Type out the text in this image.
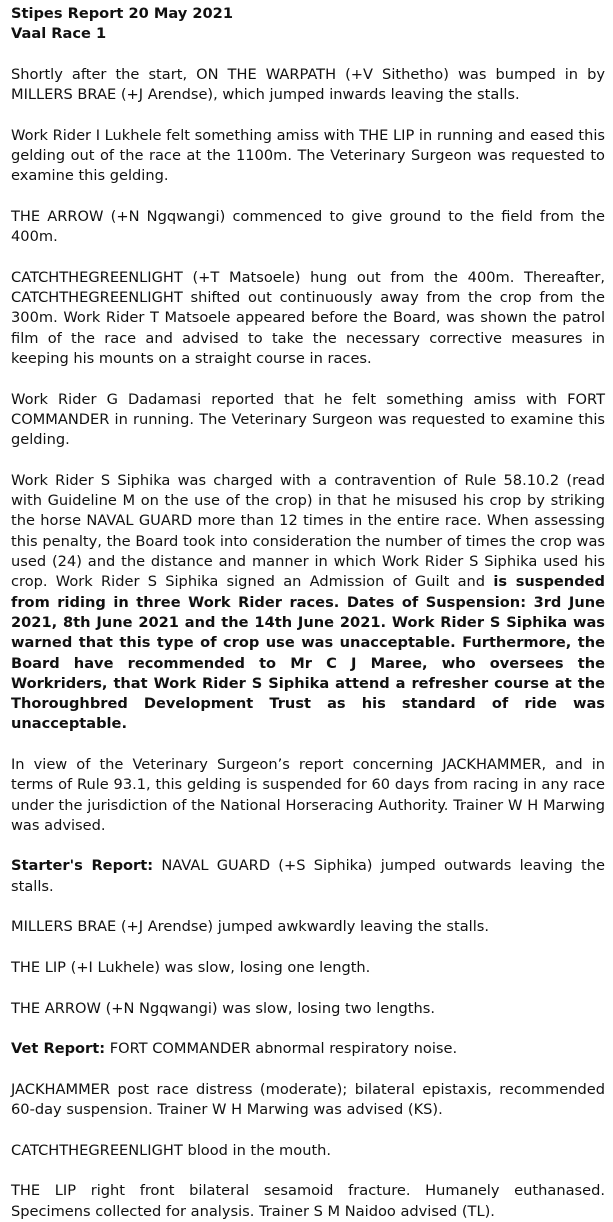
Stipes Report 20 May 2021
Vaal Race 1

Shortly after the start, ON THE WARPATH (+V Sithetho) was bumped in by MILLERS BRAE (+J Arendse), which jumped inwards leaving the stalls.

Work Rider I Lukhele felt something amiss with THE LIP in running and eased this gelding out of the race at the 1100m. The Veterinary Surgeon was requested to examine this gelding.

THE ARROW (+N Ngqwangi) commenced to give ground to the field from the 400m.

CATCHTHEGREENLIGHT (+T Matsoele) hung out from the 400m. Thereafter, CATCHTHEGREENLIGHT shifted out continuously away from the crop from the 300m. Work Rider T Matsoele appeared before the Board, was shown the patrol film of the race and advised to take the necessary corrective measures in keeping his mounts on a straight course in races.

Work Rider G Dadamasi reported that he felt something amiss with FORT COMMANDER in running. The Veterinary Surgeon was requested to examine this gelding.

Work Rider S Siphika was charged with a contravention of Rule 58.10.2 (read with Guideline M on the use of the crop) in that he misused his crop by striking the horse NAVAL GUARD more than 12 times in the entire race. When assessing this penalty, the Board took into consideration the number of times the crop was used (24) and the distance and manner in which Work Rider S Siphika used his crop. Work Rider S Siphika signed an Admission of Guilt and is suspended from riding in three Work Rider races. Dates of Suspension: 3rd June 2021, 8th June 2021 and the 14th June 2021. Work Rider S Siphika was warned that this type of crop use was unacceptable. Furthermore, the Board have recommended to Mr C J Maree, who oversees the Workriders, that Work Rider S Siphika attend a refresher course at the Thoroughbred Development Trust as his standard of ride was unacceptable.

In view of the Veterinary Surgeon’s report concerning JACKHAMMER, and in terms of Rule 93.1, this gelding is suspended for 60 days from racing in any race under the jurisdiction of the National Horseracing Authority. Trainer W H Marwing was advised.

Starter's Report: NAVAL GUARD (+S Siphika) jumped outwards leaving the stalls.

MILLERS BRAE (+J Arendse) jumped awkwardly leaving the stalls.

THE LIP (+I Lukhele) was slow, losing one length.

THE ARROW (+N Ngqwangi) was slow, losing two lengths.

Vet Report: FORT COMMANDER abnormal respiratory noise.

JACKHAMMER post race distress (moderate); bilateral epistaxis, recommended 60-day suspension. Trainer W H Marwing was advised (KS).

CATCHTHEGREENLIGHT blood in the mouth.

THE LIP right front bilateral sesamoid fracture. Humanely euthanased. Specimens collected for analysis. Trainer S M Naidoo advised (TL).
